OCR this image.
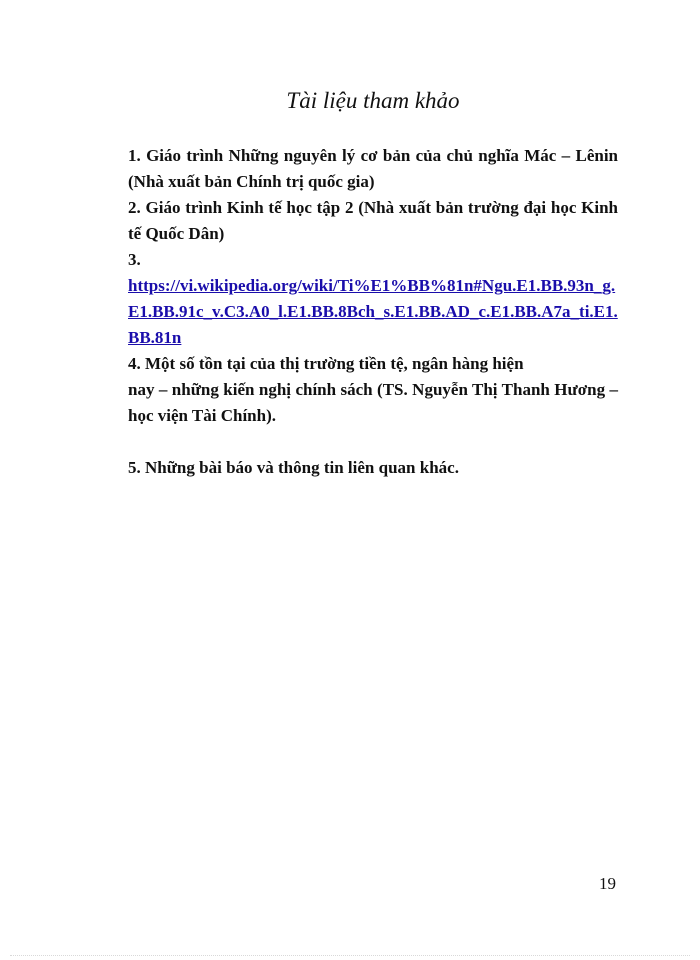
Tài liệu tham khảo

1. Giáo trình Những nguyên lý cơ bản của chủ nghĩa Mác – Lênin (Nhà xuất bản Chính trị quốc gia)

2. Giáo trình Kinh tế học tập 2 (Nhà xuất bản trường đại học Kinh tế Quốc Dân)

3.
https://vi.wikipedia.org/wiki/Ti%E1%BB%81n#Ngu.E1.BB.93n_g.E1.BB.91c_v.C3.A0_l.E1.BB.8Bch_s.E1.BB.AD_c.E1.BB.A7a_ti.E1.BB.81n
4. Một số tồn tại của thị trường tiền tệ, ngân hàng hiện
nay – những kiến nghị chính sách (TS. Nguyễn Thị Thanh Hương – học viện Tài Chính).

5. Những bài báo và thông tin liên quan khác.

19
